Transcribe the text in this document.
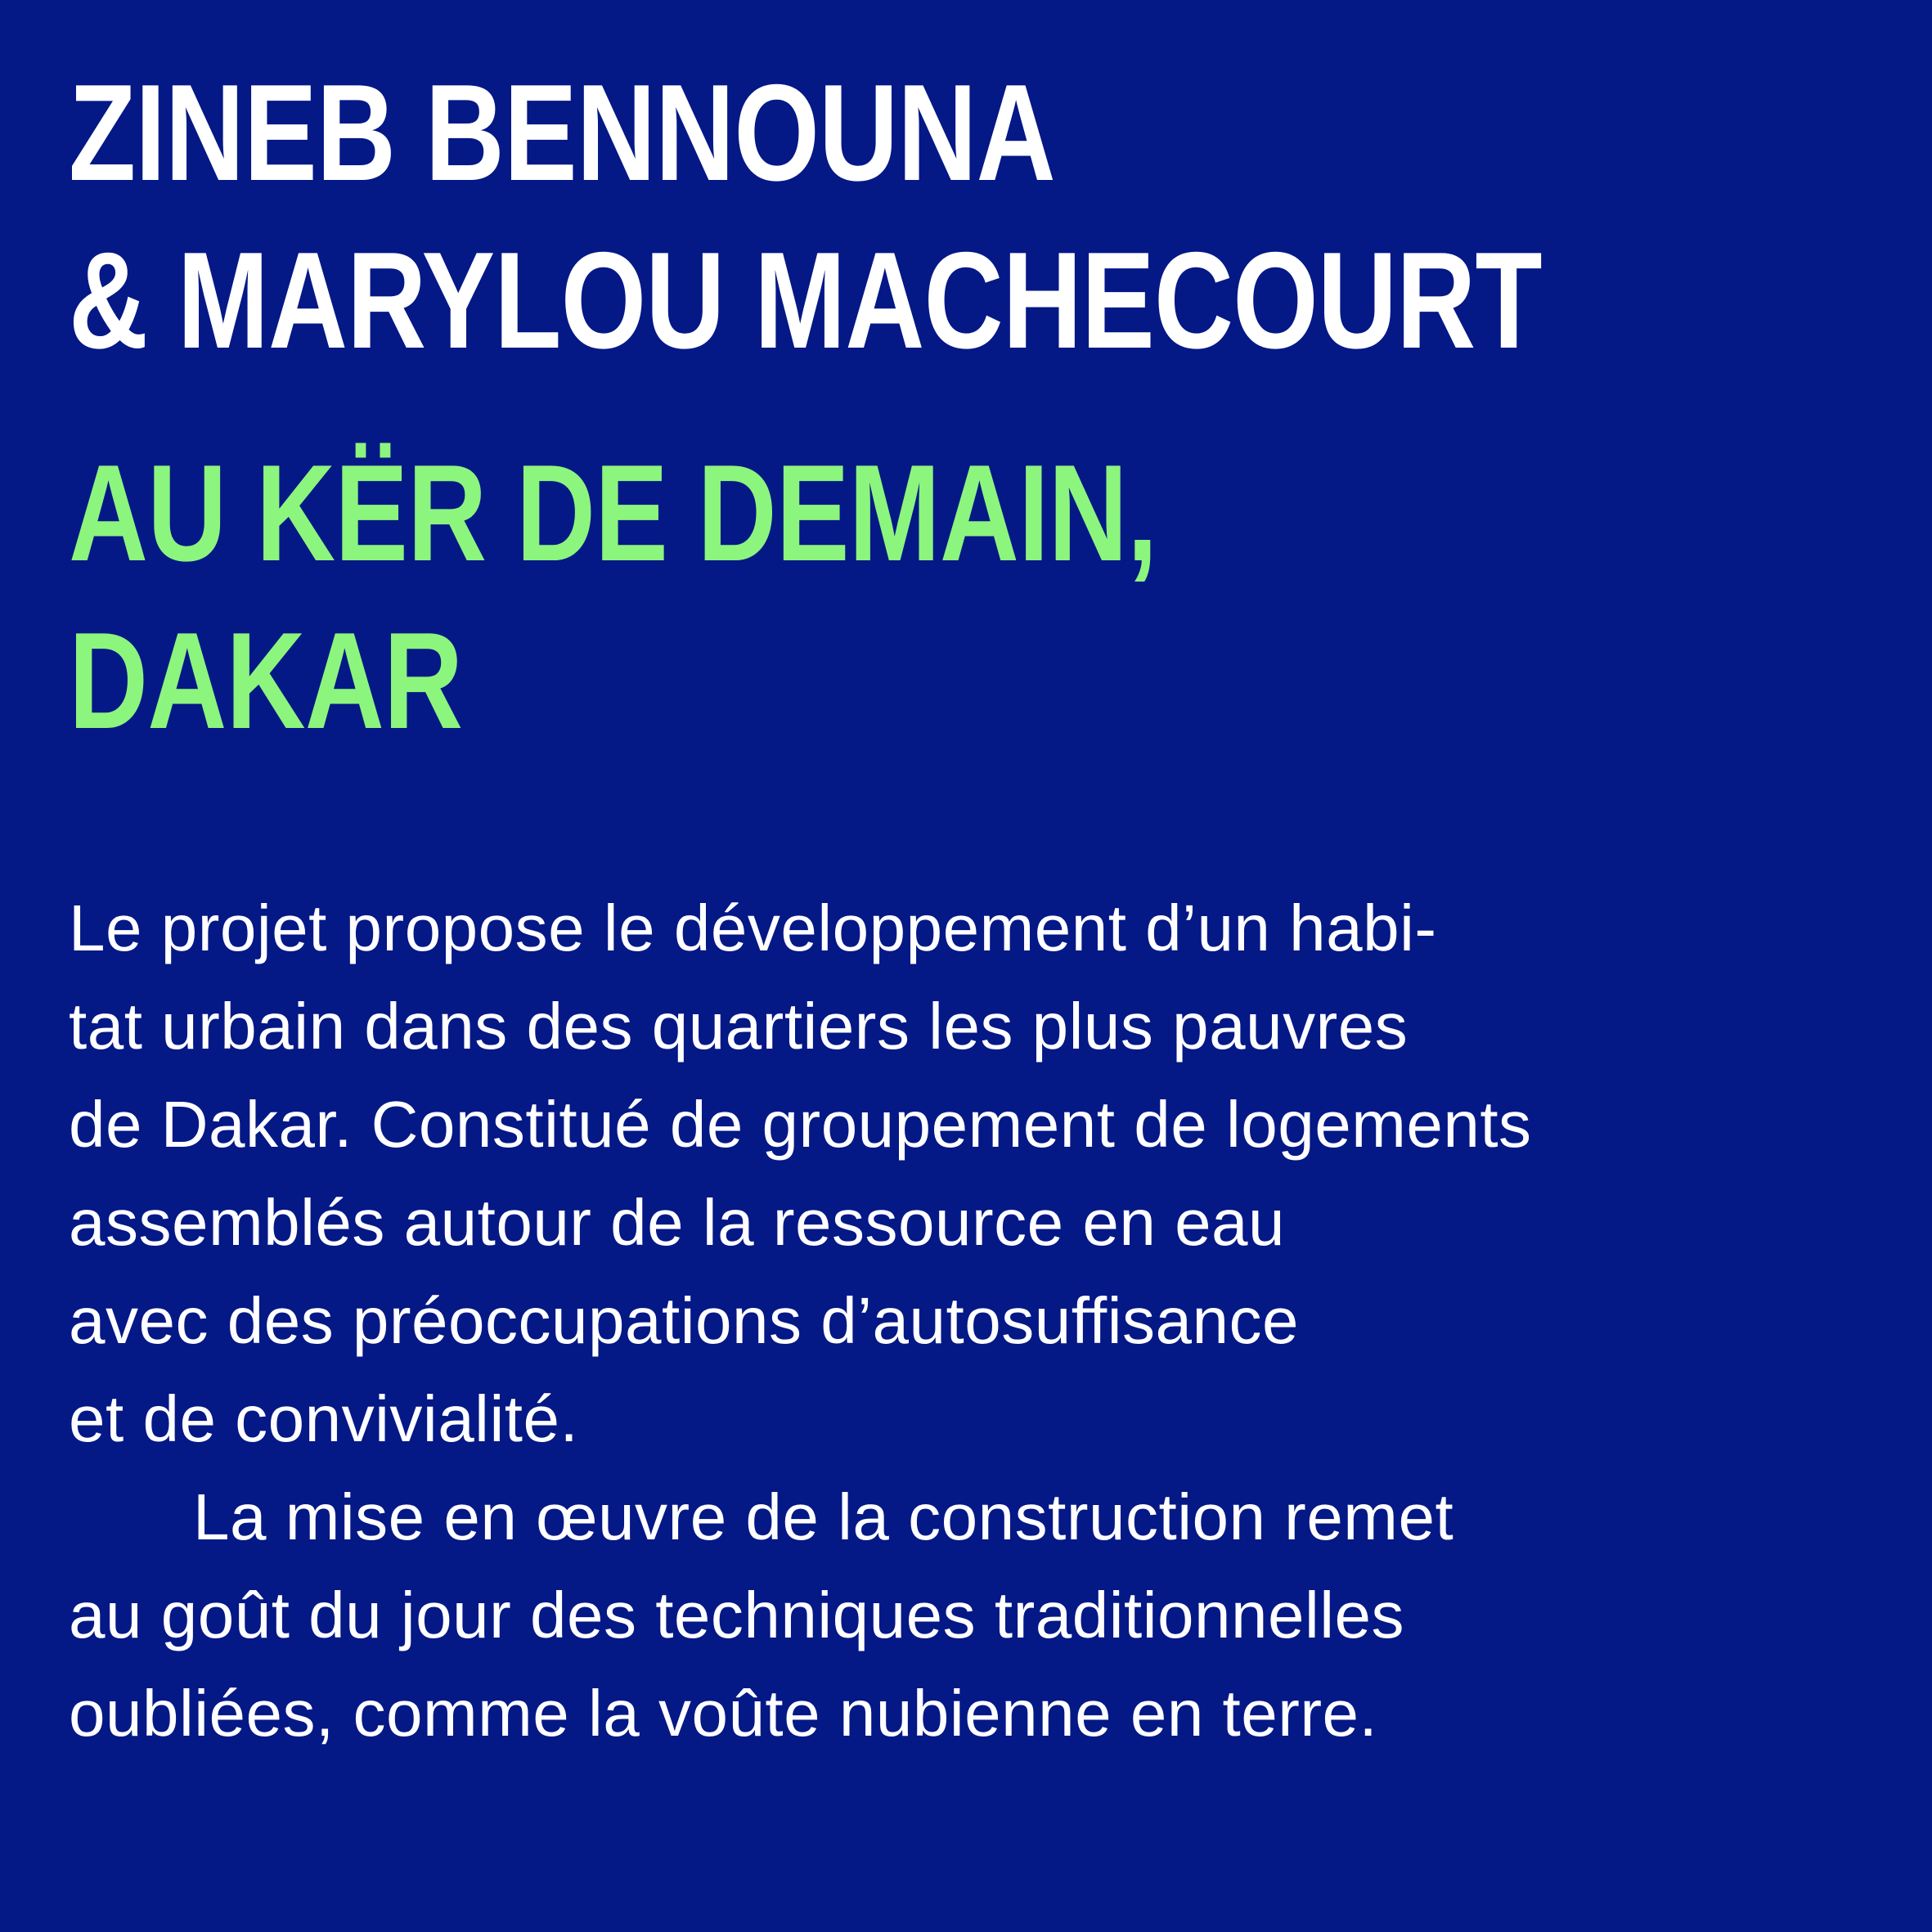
ZINEB BENNOUNA
& MARYLOU MACHECOURT
AU KËR DE DEMAIN,
DAKAR

Le projet propose le développement d’un habi-
tat urbain dans des quartiers les plus pauvres
de Dakar. Constitué de groupement de logements
assemblés autour de la ressource en eau
avec des préoccupations d’autosuffisance
et de convivialité.
La mise en œuvre de la construction remet
au goût du jour des techniques traditionnelles
oubliées, comme la voûte nubienne en terre.
